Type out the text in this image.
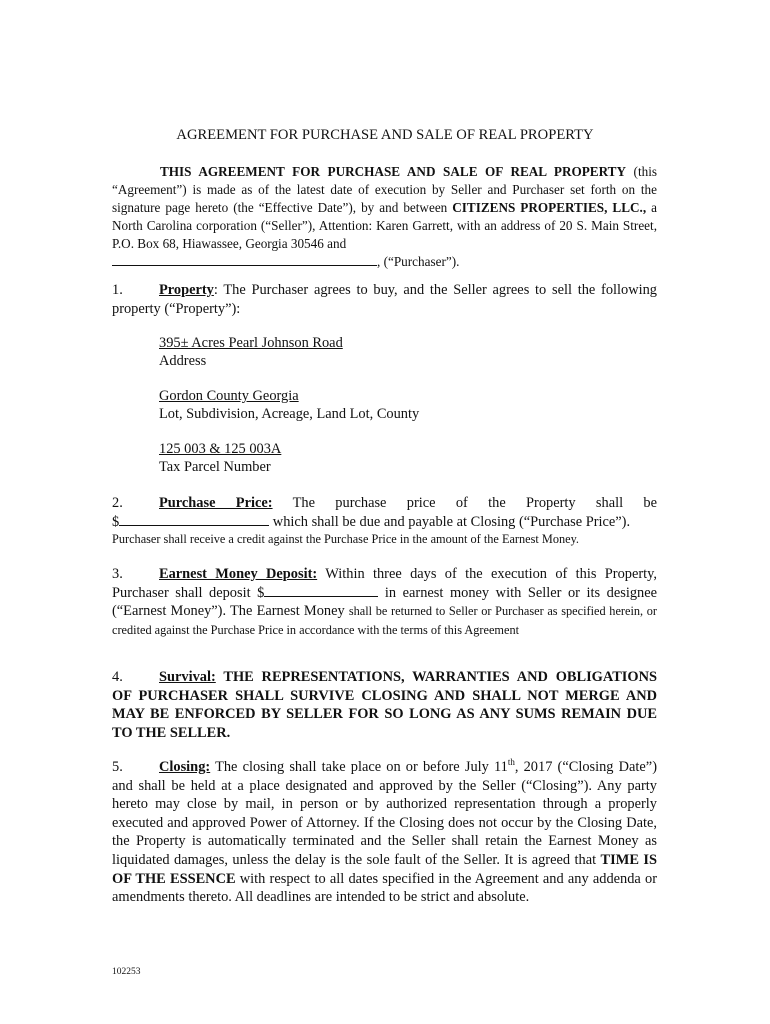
AGREEMENT FOR PURCHASE AND SALE OF REAL PROPERTY
THIS AGREEMENT FOR PURCHASE AND SALE OF REAL PROPERTY (this “Agreement”) is made as of the latest date of execution by Seller and Purchaser set forth on the signature page hereto (the “Effective Date”), by and between CITIZENS PROPERTIES, LLC., a North Carolina corporation (“Seller”), Attention: Karen Garrett, with an address of 20 S. Main Street, P.O. Box 68, Hiawassee, Georgia 30546 and
, (“Purchaser”).
1.	Property: The Purchaser agrees to buy, and the Seller agrees to sell the following property (“Property”):
395± Acres Pearl Johnson Road
Address
Gordon County Georgia
Lot, Subdivision, Acreage, Land Lot, County
125 003 & 125 003A
Tax Parcel Number
2.	Purchase Price: The purchase price of the Property shall be
$	which shall be due and payable at Closing (“Purchase Price”).
Purchaser shall receive a credit against the Purchase Price in the amount of the Earnest Money.
3.	Earnest Money Deposit: Within three days of the execution of this Property, Purchaser shall deposit $	in earnest money with Seller or its designee (“Earnest Money”). The Earnest Money shall be returned to Seller or Purchaser as specified herein, or credited against the Purchase Price in accordance with the terms of this Agreement
4.	Survival: THE REPRESENTATIONS, WARRANTIES AND OBLIGATIONS OF PURCHASER SHALL SURVIVE CLOSING AND SHALL NOT MERGE AND MAY BE ENFORCED BY SELLER FOR SO LONG AS ANY SUMS REMAIN DUE TO THE SELLER.
5.	Closing: The closing shall take place on or before July 11th, 2017 (“Closing Date”) and shall be held at a place designated and approved by the Seller (“Closing”). Any party hereto may close by mail, in person or by authorized representation through a properly executed and approved Power of Attorney. If the Closing does not occur by the Closing Date, the Property is automatically terminated and the Seller shall retain the Earnest Money as liquidated damages, unless the delay is the sole fault of the Seller. It is agreed that TIME IS OF THE ESSENCE with respect to all dates specified in the Agreement and any addenda or amendments thereto. All deadlines are intended to be strict and absolute.
102253
